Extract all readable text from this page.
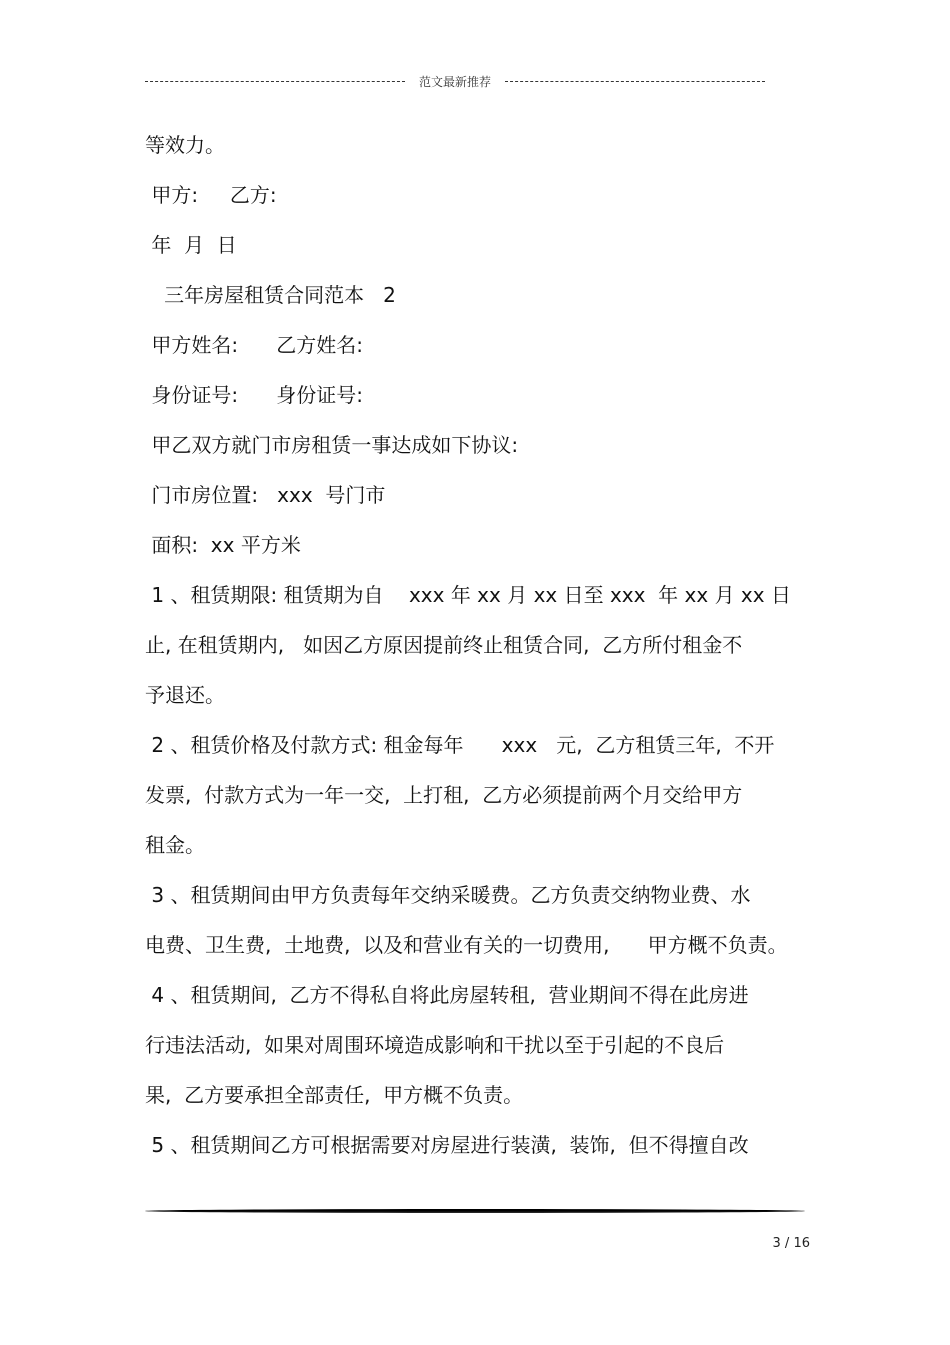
范文最新推荐
等效力。
甲方:     乙方:
年  月  日
三年房屋租赁合同范本   2
甲方姓名:      乙方姓名:
身份证号:      身份证号:
甲乙双方就门市房租赁一事达成如下协议:
门市房位置:   xxx  号门市
面积:  xx 平方米
1 、租赁期限: 租赁期为自    xxx 年 xx 月 xx 日至 xxx  年 xx 月 xx 日
止, 在租赁期内,   如因乙方原因提前终止租赁合同,  乙方所付租金不
予退还。
2 、租赁价格及付款方式: 租金每年      xxx   元,  乙方租赁三年,  不开
发票,  付款方式为一年一交,  上打租,  乙方必须提前两个月交给甲方
租金。
3 、租赁期间由甲方负责每年交纳采暖费。乙方负责交纳物业费、水
电费、卫生费,  土地费,  以及和营业有关的一切费用,      甲方概不负责。
4 、租赁期间,  乙方不得私自将此房屋转租,  营业期间不得在此房进
行违法活动,  如果对周围环境造成影响和干扰以至于引起的不良后
果,  乙方要承担全部责任,  甲方概不负责。
5 、租赁期间乙方可根据需要对房屋进行装潢,  装饰,  但不得擅自改
3 / 16
